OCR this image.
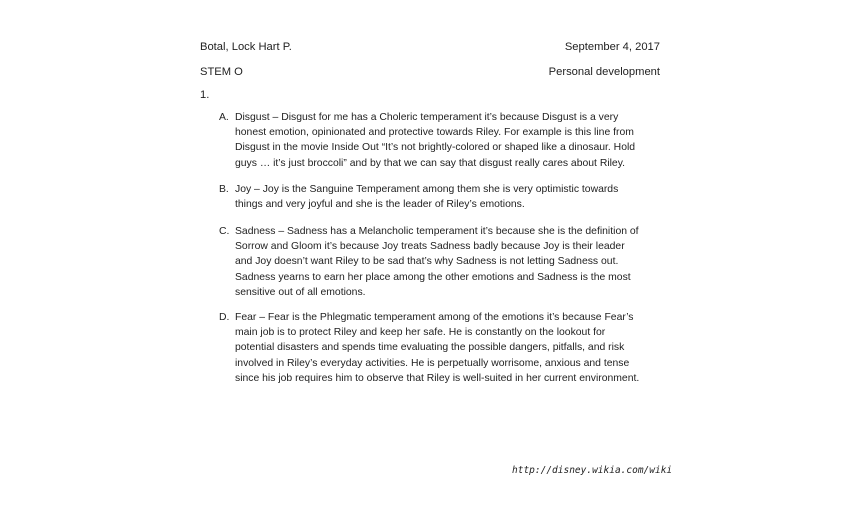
Botal, Lock Hart P.	September 4, 2017
STEM O	Personal development
1.
A. Disgust – Disgust for me has a Choleric temperament it’s because Disgust is a very
honest emotion, opinionated and protective towards Riley. For example is this line from
Disgust in the movie Inside Out “It’s not brightly-colored or shaped like a dinosaur. Hold
guys … it’s just broccoli” and by that we can say that disgust really cares about Riley.
B. Joy – Joy is the Sanguine Temperament among them she is very optimistic towards
things and very joyful and she is the leader of Riley’s emotions.
C. Sadness – Sadness has a Melancholic temperament it’s because she is the definition of
Sorrow and Gloom it’s because Joy treats Sadness badly because Joy is their leader
and Joy doesn’t want Riley to be sad that’s why Sadness is not letting Sadness out.
Sadness yearns to earn her place among the other emotions and Sadness is the most
sensitive out of all emotions.
D. Fear – Fear is the Phlegmatic temperament among of the emotions it’s because Fear’s
main job is to protect Riley and keep her safe. He is constantly on the lookout for
potential disasters and spends time evaluating the possible dangers, pitfalls, and risk
involved in Riley’s everyday activities. He is perpetually worrisome, anxious and tense
since his job requires him to observe that Riley is well-suited in her current environment.
http://disney.wikia.com/wiki
